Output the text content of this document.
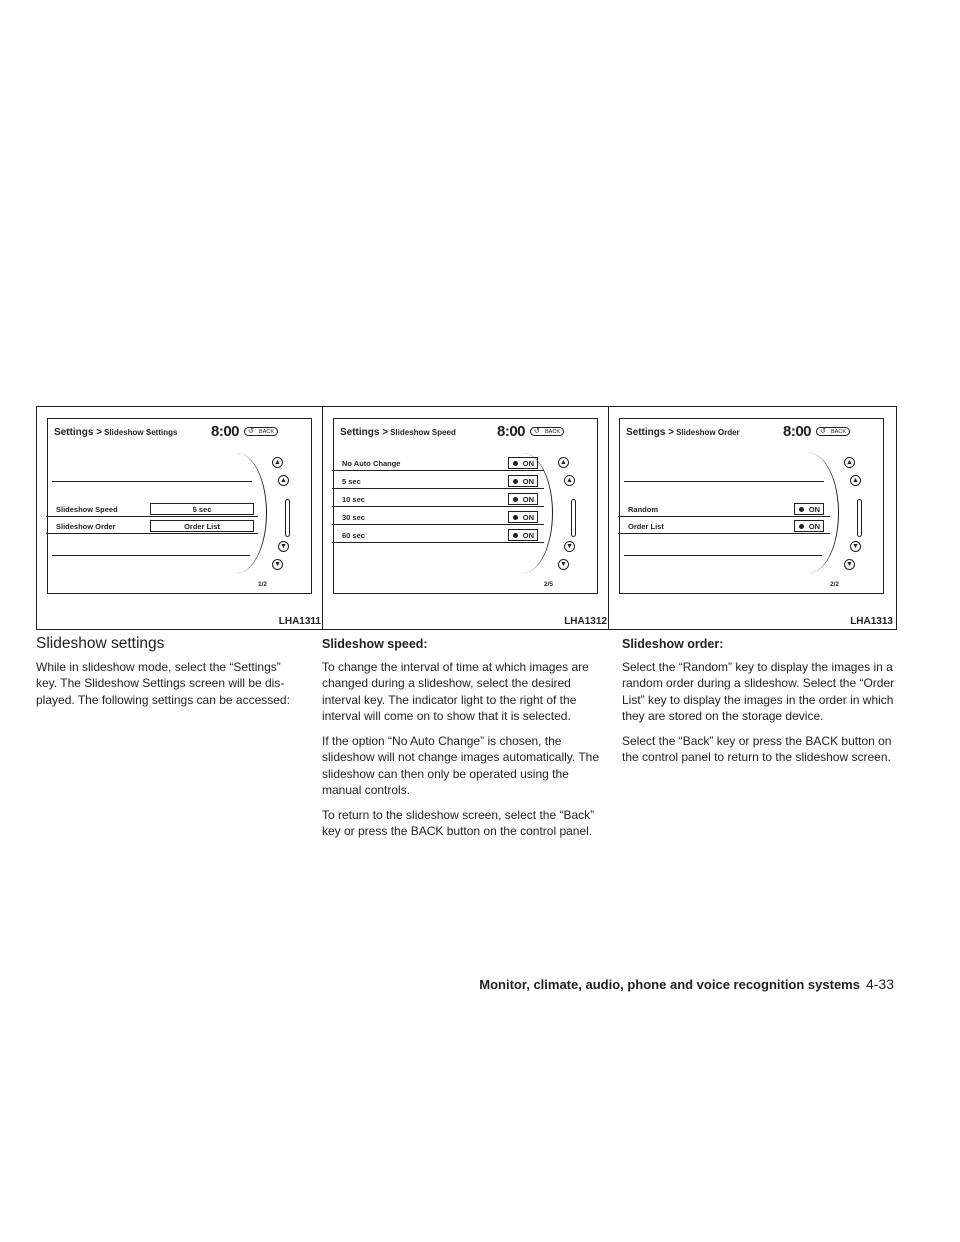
Settings > Slideshow Settings 8:00	↺ BACK
Slideshow Speed	5 sec
Slideshow Order	Order List
▲
▲
▼
▼
1/2
LHA1311
Settings > Slideshow Speed	8:00	↺ BACK
No Auto Change	ON
5 sec	ON
10 sec	ON
30 sec	ON
60 sec	ON
▲
▲
▼
▼
2/5
LHA1312
Settings > Slideshow Order	8:00	↺ BACK
Random	ON
Order List	ON
▲
▲
▼
▼
2/2
LHA1313
Slideshow settings

While in slideshow mode, select the “Settings” key. The Slideshow Settings screen will be dis-played. The following settings can be accessed:

Slideshow speed:

To change the interval of time at which images are changed during a slideshow, select the desired interval key. The indicator light to the right of the interval will come on to show that it is selected.

If the option “No Auto Change” is chosen, the slideshow will not change images automatically. The slideshow can then only be operated using the manual controls.

To return to the slideshow screen, select the “Back” key or press the BACK button on the control panel.

Slideshow order:

Select the “Random” key to display the images in a random order during a slideshow. Select the “Order List” key to display the images in the order in which they are stored on the storage device.

Select the “Back” key or press the BACK button on the control panel to return to the slideshow screen.

Monitor, climate, audio, phone and voice recognition systems 4-33
